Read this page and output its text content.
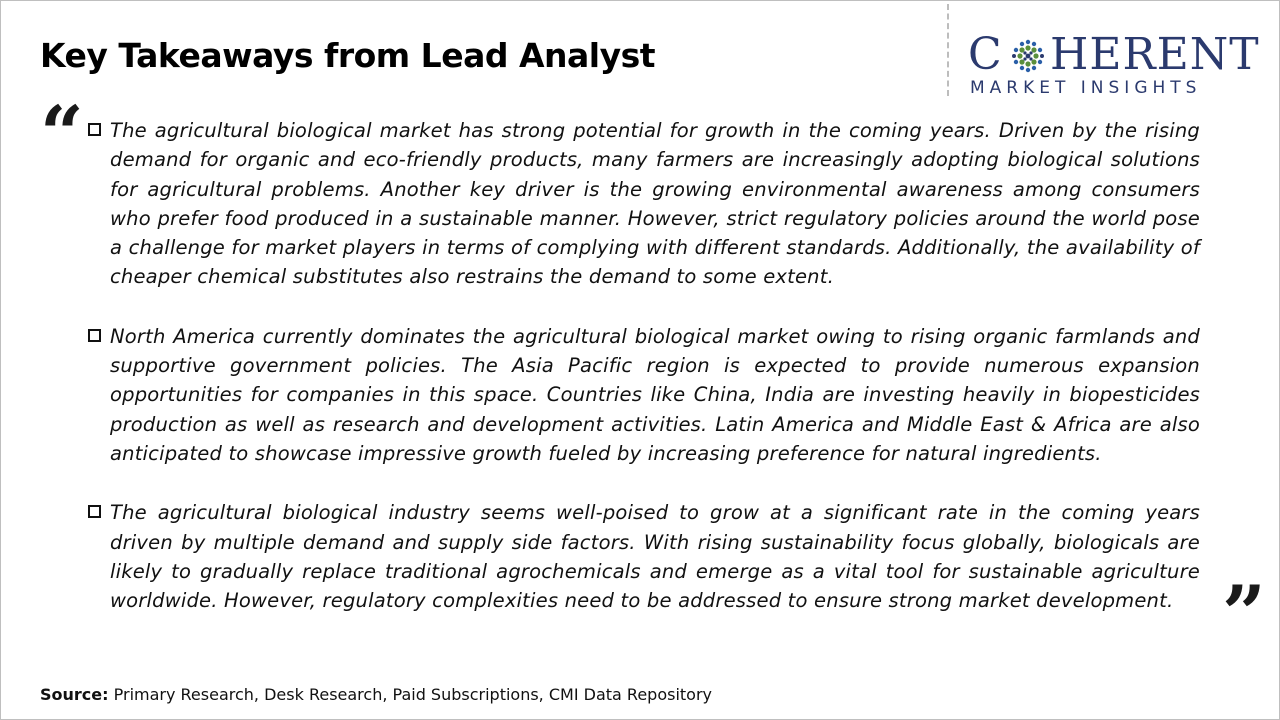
Key Takeaways from Lead Analyst	C HERENT
MARKET INSIGHTS
“ The agricultural biological market has strong potential for growth in the coming years. Driven by the rising demand for organic and eco-friendly products, many farmers are increasingly adopting biological solutions for agricultural problems. Another key driver is the growing environmental awareness among consumers who prefer food produced in a sustainable manner. However, strict regulatory policies around the world pose a challenge for market players in terms of complying with different standards. Additionally, the availability of cheaper chemical substitutes also restrains the demand to some extent.
North America currently dominates the agricultural biological market owing to rising organic farmlands and supportive government policies. The Asia Pacific region is expected to provide numerous expansion opportunities for companies in this space. Countries like China, India are investing heavily in biopesticides production as well as research and development activities. Latin America and Middle East & Africa are also anticipated to showcase impressive growth fueled by increasing preference for natural ingredients.
The agricultural biological industry seems well-poised to grow at a significant rate in the coming years driven by multiple demand and supply side factors. With rising sustainability focus globally, biologicals are likely to gradually replace traditional agrochemicals and emerge as a vital tool for sustainable agriculture worldwide. However, regulatory complexities need to be addressed to ensure strong market development. ”
Source: Primary Research, Desk Research, Paid Subscriptions, CMI Data Repository
